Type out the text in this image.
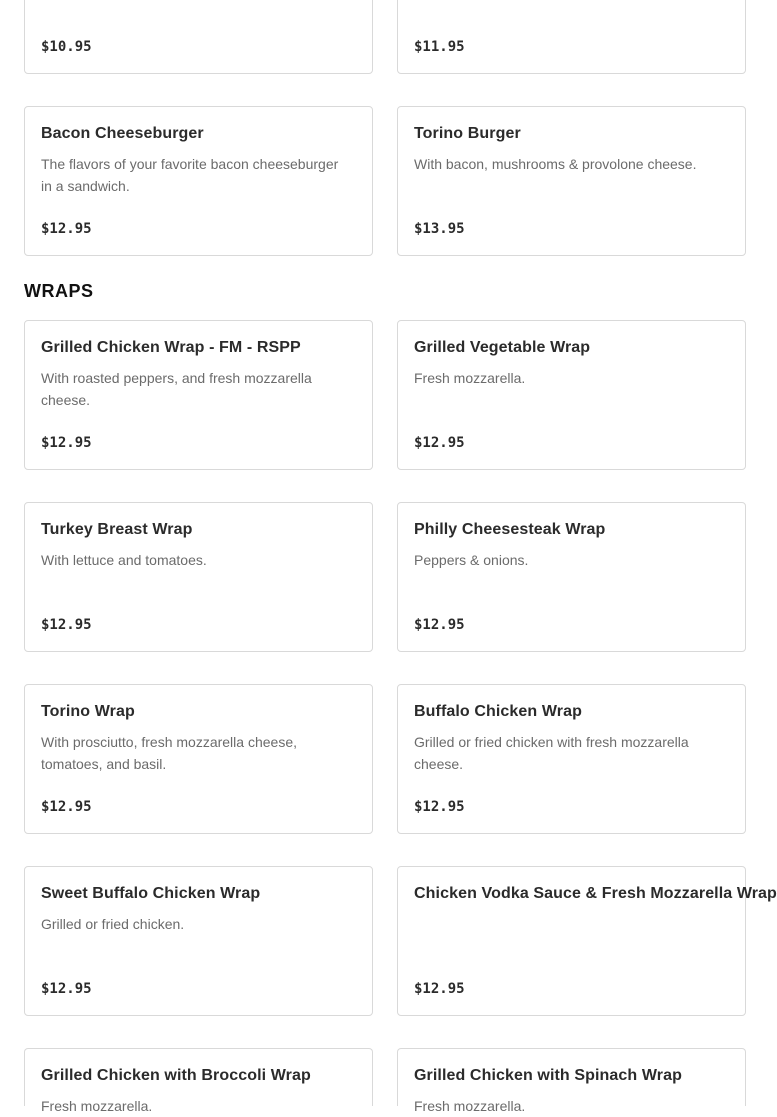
$10.95	$11.95
Bacon Cheeseburger
The flavors of your favorite bacon cheeseburger in a sandwich.
$12.95
Torino Burger
With bacon, mushrooms & provolone cheese.
$13.95
WRAPS
Grilled Chicken Wrap - FM - RSPP
With roasted peppers, and fresh mozzarella cheese.
$12.95
Grilled Vegetable Wrap
Fresh mozzarella.
$12.95
Turkey Breast Wrap
With lettuce and tomatoes.
$12.95
Philly Cheesesteak Wrap
Peppers & onions.
$12.95
Torino Wrap
With prosciutto, fresh mozzarella cheese, tomatoes, and basil.
$12.95
Buffalo Chicken Wrap
Grilled or fried chicken with fresh mozzarella cheese.
$12.95
Sweet Buffalo Chicken Wrap
Grilled or fried chicken.
$12.95
Chicken Vodka Sauce & Fresh Mozzarella Wrap
$12.95
Grilled Chicken with Broccoli Wrap
Fresh mozzarella.
Grilled Chicken with Spinach Wrap
Fresh mozzarella.
